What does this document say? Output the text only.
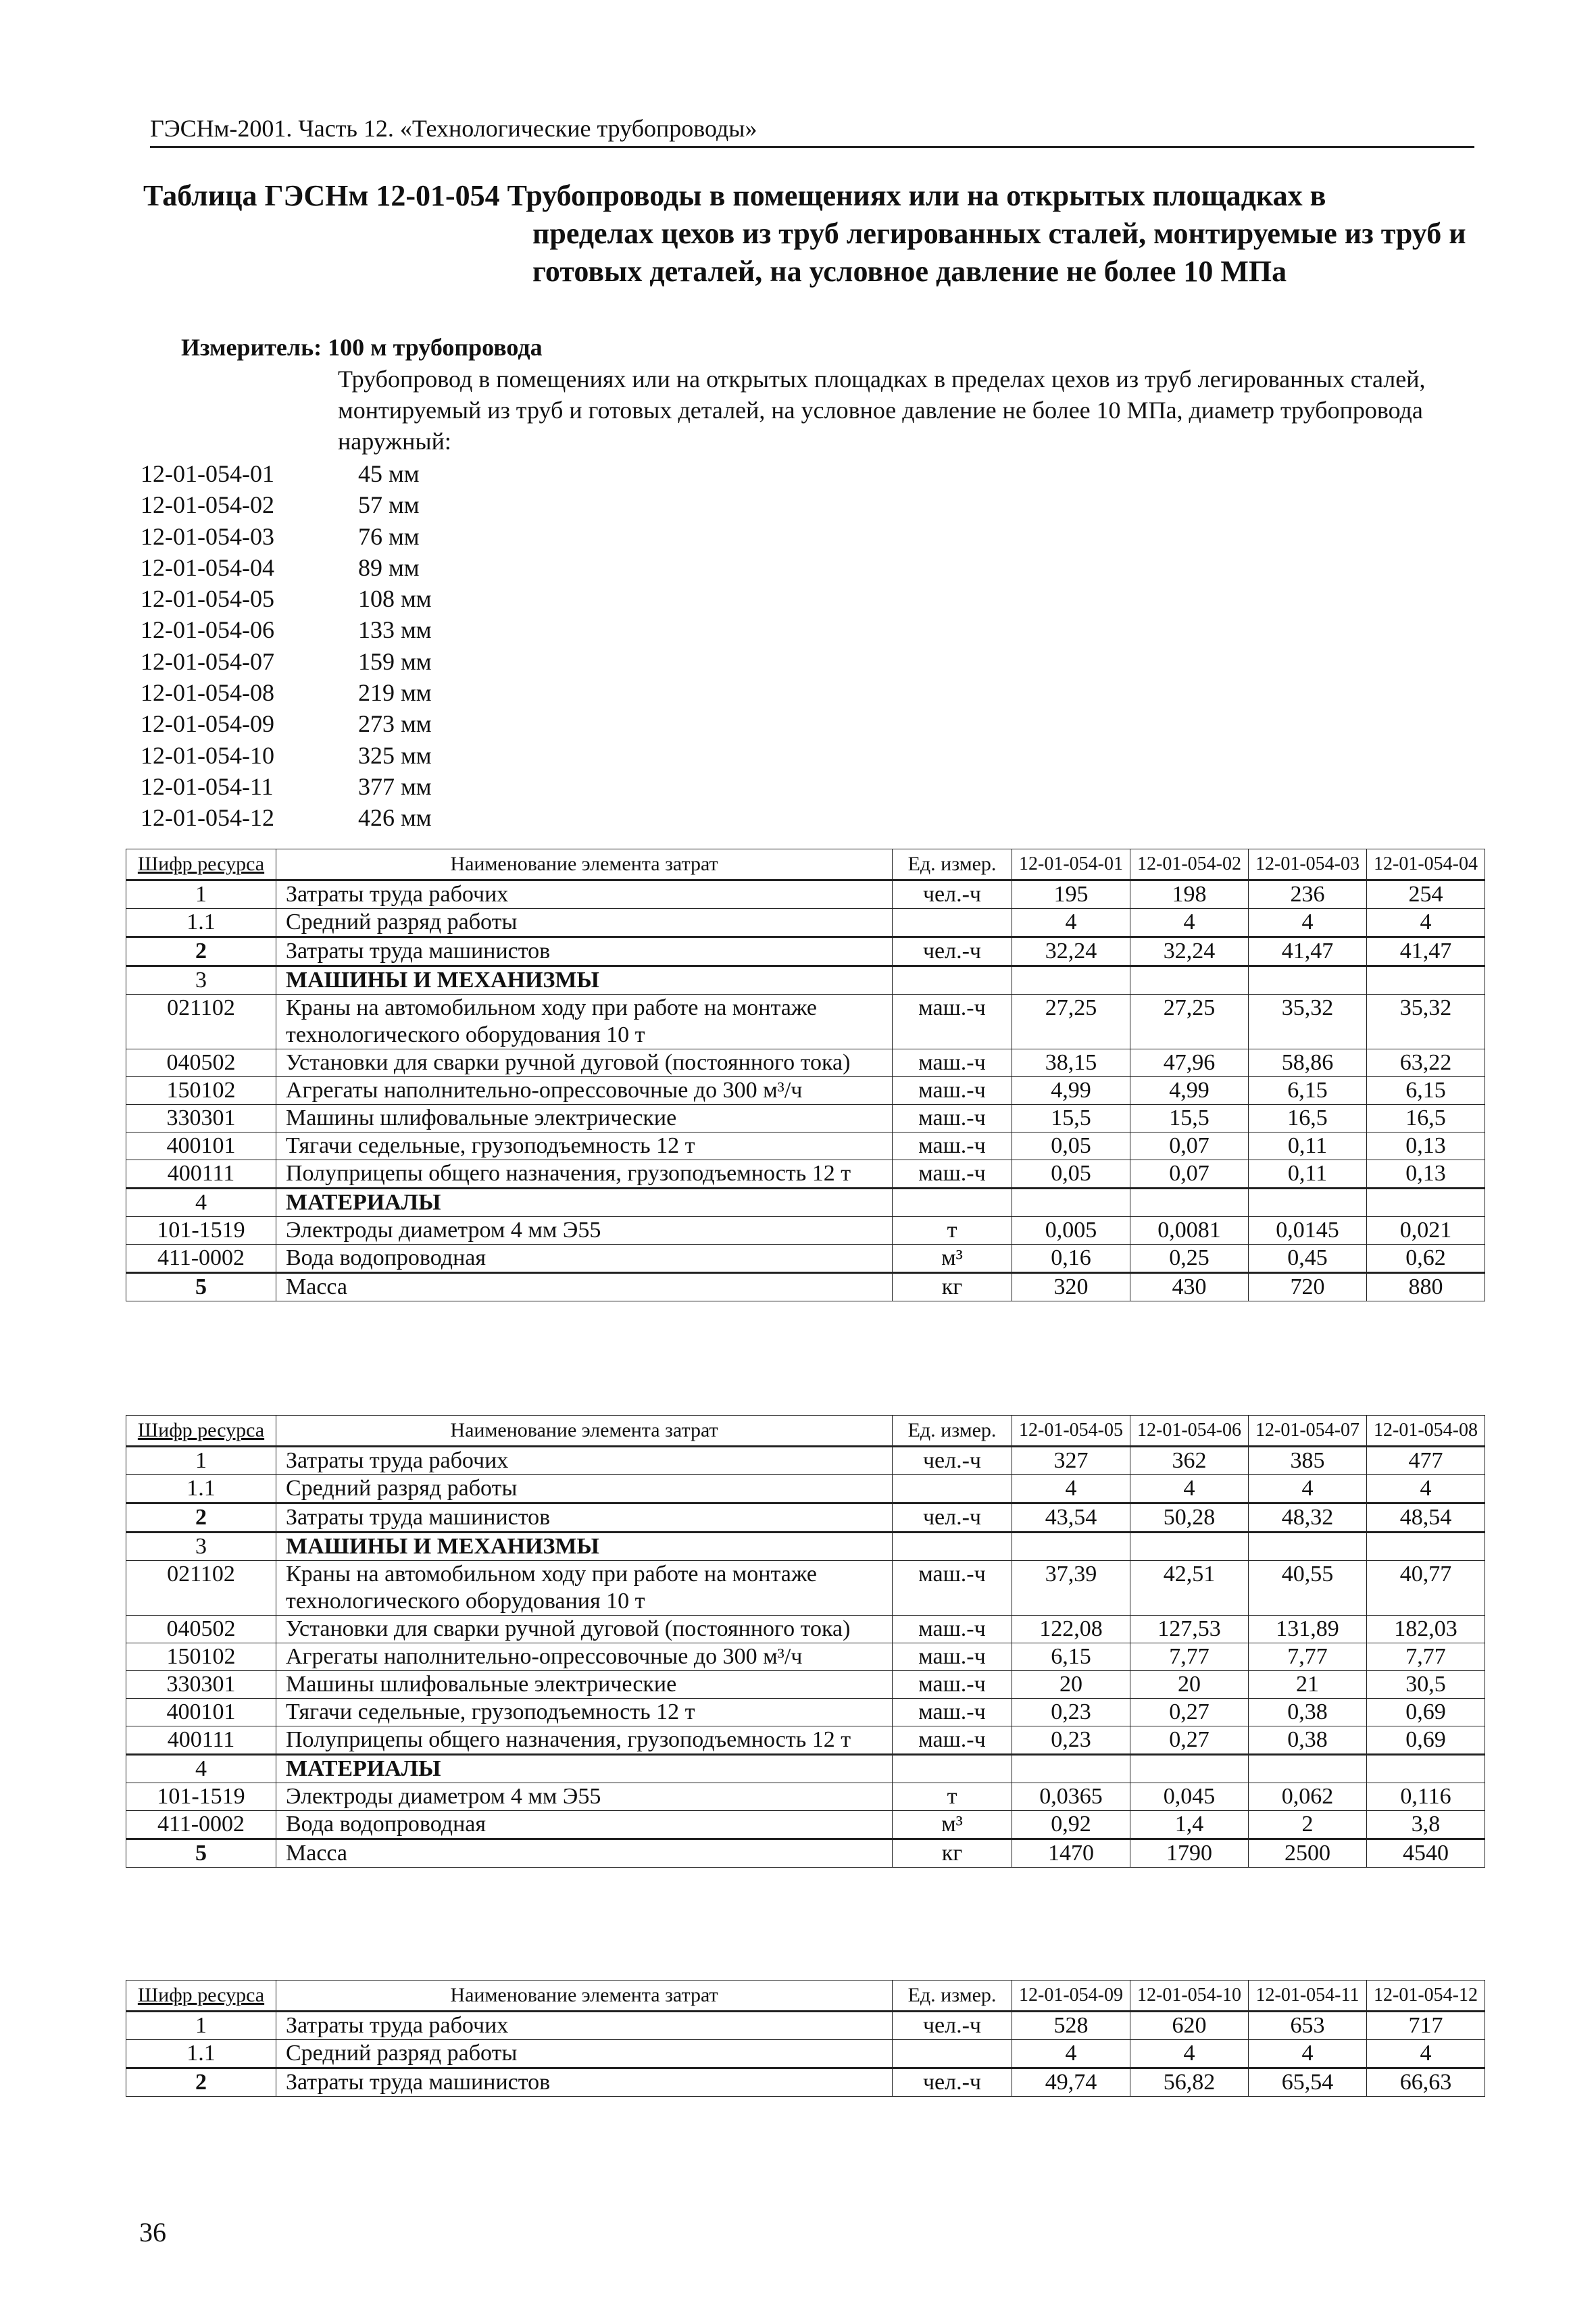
ГЭСНм-2001. Часть 12. «Технологические трубопроводы»
Таблица ГЭСНм 12-01-054 Трубопроводы в помещениях или на открытых площадках в
пределах цехов из труб легированных сталей, монтируемые из труб и готовых деталей, на условное давление не более 10 МПа
Измеритель: 100 м трубопровода
Трубопровод в помещениях или на открытых площадках в пределах цехов из труб легированных сталей, монтируемый из труб и готовых деталей, на условное давление не более 10 МПа, диаметр трубопровода наружный:
12-01-054-01	45 мм
12-01-054-02	57 мм
12-01-054-03	76 мм
12-01-054-04	89 мм
12-01-054-05	108 мм
12-01-054-06	133 мм
12-01-054-07	159 мм
12-01-054-08	219 мм
12-01-054-09	273 мм
12-01-054-10	325 мм
12-01-054-11	377 мм
12-01-054-12	426 мм
Шифр ресурса	Наименование элемента затрат	Ед. измер.	12-01-054-01	12-01-054-02	12-01-054-03	12-01-054-04
1	Затраты труда рабочих	чел.-ч	195	198	236	254
1.1	Средний разряд работы		4	4	4	4
2	Затраты труда машинистов	чел.-ч	32,24	32,24	41,47	41,47
3	МАШИНЫ И МЕХАНИЗМЫ					
021102	Краны на автомобильном ходу при работе на монтаже технологического оборудования 10 т	маш.-ч	27,25	27,25	35,32	35,32
040502	Установки для сварки ручной дуговой (постоянного тока)	маш.-ч	38,15	47,96	58,86	63,22
150102	Агрегаты наполнительно-опрессовочные до 300 м³/ч	маш.-ч	4,99	4,99	6,15	6,15
330301	Машины шлифовальные электрические	маш.-ч	15,5	15,5	16,5	16,5
400101	Тягачи седельные, грузоподъемность 12 т	маш.-ч	0,05	0,07	0,11	0,13
400111	Полуприцепы общего назначения, грузоподъемность 12 т	маш.-ч	0,05	0,07	0,11	0,13
4	МАТЕРИАЛЫ					
101-1519	Электроды диаметром 4 мм Э55	т	0,005	0,0081	0,0145	0,021
411-0002	Вода водопроводная	м³	0,16	0,25	0,45	0,62
5	Масса	кг	320	430	720	880
Шифр ресурса	Наименование элемента затрат	Ед. измер.	12-01-054-05	12-01-054-06	12-01-054-07	12-01-054-08
1	Затраты труда рабочих	чел.-ч	327	362	385	477
1.1	Средний разряд работы		4	4	4	4
2	Затраты труда машинистов	чел.-ч	43,54	50,28	48,32	48,54
3	МАШИНЫ И МЕХАНИЗМЫ					
021102	Краны на автомобильном ходу при работе на монтаже технологического оборудования 10 т	маш.-ч	37,39	42,51	40,55	40,77
040502	Установки для сварки ручной дуговой (постоянного тока)	маш.-ч	122,08	127,53	131,89	182,03
150102	Агрегаты наполнительно-опрессовочные до 300 м³/ч	маш.-ч	6,15	7,77	7,77	7,77
330301	Машины шлифовальные электрические	маш.-ч	20	20	21	30,5
400101	Тягачи седельные, грузоподъемность 12 т	маш.-ч	0,23	0,27	0,38	0,69
400111	Полуприцепы общего назначения, грузоподъемность 12 т	маш.-ч	0,23	0,27	0,38	0,69
4	МАТЕРИАЛЫ					
101-1519	Электроды диаметром 4 мм Э55	т	0,0365	0,045	0,062	0,116
411-0002	Вода водопроводная	м³	0,92	1,4	2	3,8
5	Масса	кг	1470	1790	2500	4540
Шифр ресурса	Наименование элемента затрат	Ед. измер.	12-01-054-09	12-01-054-10	12-01-054-11	12-01-054-12
1	Затраты труда рабочих	чел.-ч	528	620	653	717
1.1	Средний разряд работы		4	4	4	4
2	Затраты труда машинистов	чел.-ч	49,74	56,82	65,54	66,63
36
